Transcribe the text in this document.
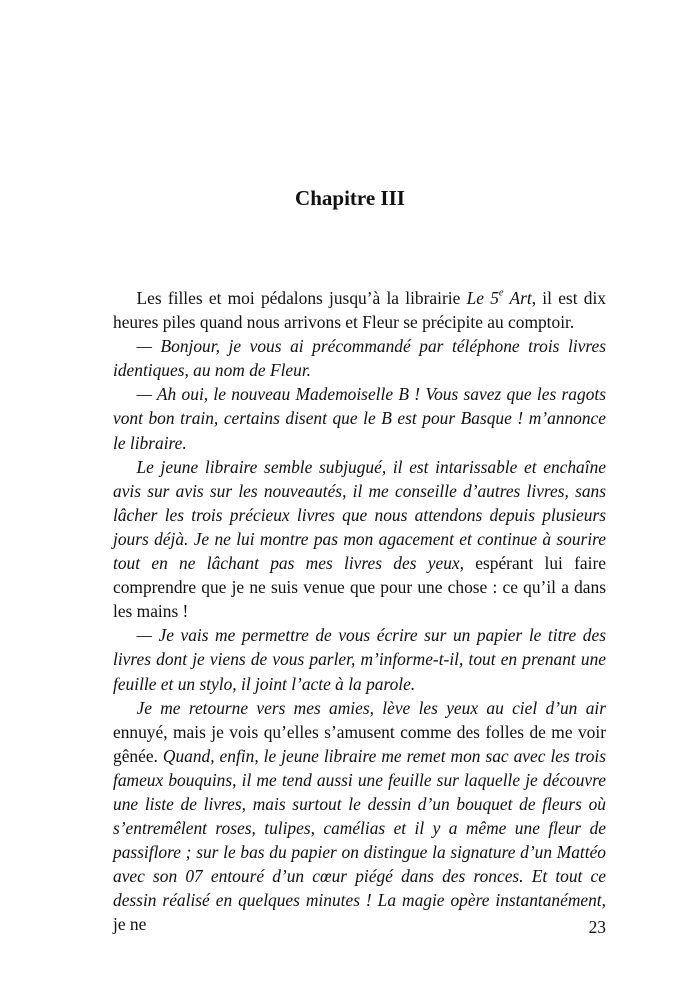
Chapitre III

Les filles et moi pédalons jusqu’à la librairie Le 5e Art, il est dix heures piles quand nous arrivons et Fleur se précipite au comptoir.

— Bonjour, je vous ai précommandé par téléphone trois livres identiques, au nom de Fleur.

— Ah oui, le nouveau Mademoiselle B ! Vous savez que les ragots vont bon train, certains disent que le B est pour Basque ! m’annonce le libraire.

Le jeune libraire semble subjugué, il est intarissable et enchaîne avis sur avis sur les nouveautés, il me conseille d’autres livres, sans lâcher les trois précieux livres que nous attendons depuis plusieurs jours déjà. Je ne lui montre pas mon agacement et continue à sourire tout en ne lâchant pas mes livres des yeux, espérant lui faire comprendre que je ne suis venue que pour une chose : ce qu’il a dans les mains !

— Je vais me permettre de vous écrire sur un papier le titre des livres dont je viens de vous parler, m’informe-t-il, tout en prenant une feuille et un stylo, il joint l’acte à la parole.

Je me retourne vers mes amies, lève les yeux au ciel d’un air ennuyé, mais je vois qu’elles s’amusent comme des folles de me voir gênée. Quand, enfin, le jeune libraire me remet mon sac avec les trois fameux bouquins, il me tend aussi une feuille sur laquelle je découvre une liste de livres, mais surtout le dessin d’un bouquet de fleurs où s’entremêlent roses, tulipes, camélias et il y a même une fleur de passiflore ; sur le bas du papier on distingue la signature d’un Mattéo avec son 07 entouré d’un cœur piégé dans des ronces. Et tout ce dessin réalisé en quelques minutes ! La magie opère instantanément, je ne	23
